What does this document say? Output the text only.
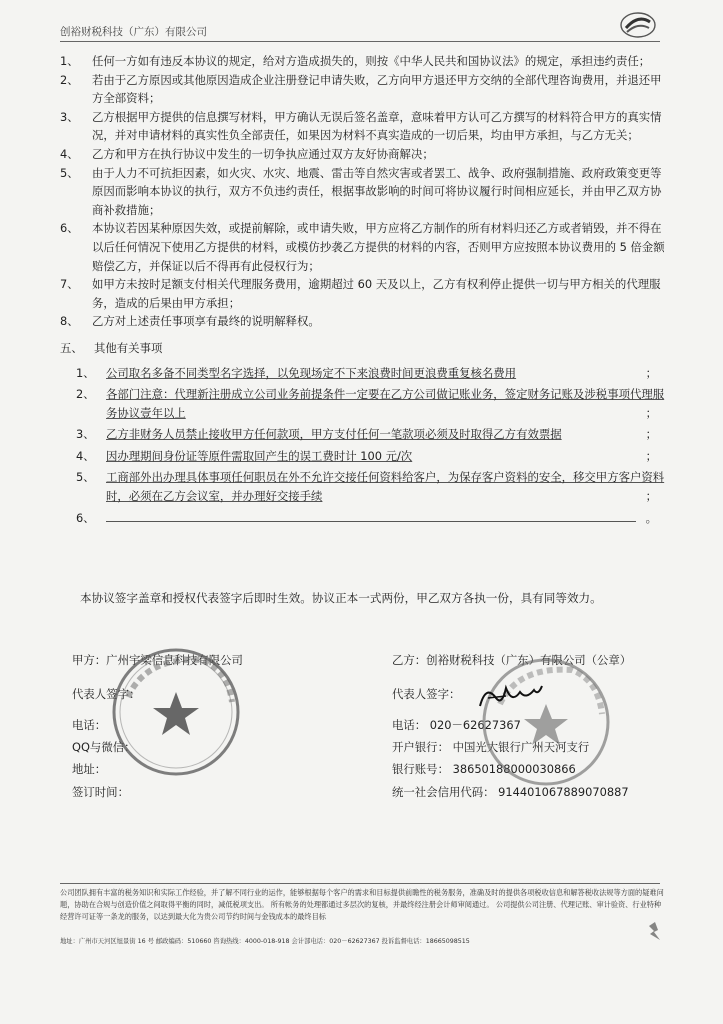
创裕财税科技（广东）有限公司
1、	任何一方如有违反本协议的规定，给对方造成损失的，则按《中华人民共和国协议法》的规定，承担违约责任；
2、	若由于乙方原因或其他原因造成企业注册登记申请失败，乙方向甲方退还甲方交纳的全部代理咨询费用，并退还甲方全部资料；
3、	乙方根据甲方提供的信息撰写材料，甲方确认无误后签名盖章，意味着甲方认可乙方撰写的材料符合甲方的真实情况，并对申请材料的真实性负全部责任，如果因为材料不真实造成的一切后果，均由甲方承担，与乙方无关；
4、	乙方和甲方在执行协议中发生的一切争执应通过双方友好协商解决；
5、	由于人力不可抗拒因素，如火灾、水灾、地震、雷击等自然灾害或者罢工、战争、政府强制措施、政府政策变更等原因而影响本协议的执行，双方不负违约责任，根据事故影响的时间可将协议履行时间相应延长，并由甲乙双方协商补救措施；
6、	本协议若因某种原因失效，或提前解除，或申请失败，甲方应将乙方制作的所有材料归还乙方或者销毁，并不得在以后任何情况下使用乙方提供的材料，或模仿抄袭乙方提供的材料的内容，否则甲方应按照本协议费用的 5 倍金额赔偿乙方，并保证以后不得再有此侵权行为；
7、	如甲方未按时足额支付相关代理服务费用，逾期超过 60 天及以上，乙方有权利停止提供一切与甲方相关的代理服务，造成的后果由甲方承担；
8、	乙方对上述责任事项享有最终的说明解释权。
五、 其他有关事项
1、 公司取名多备不同类型名字选择，以免现场定不下来浪费时间更浪费重复核名费用	；
2、 各部门注意：代理新注册成立公司业务前提条件一定要在乙方公司做记账业务，签定财务记账及涉税事项代理服务协议壹年以上	；
3、 乙方非财务人员禁止接收甲方任何款项，甲方支付任何一笔款项必须及时取得乙方有效票据	；
4、 因办理期间身份证等原件需取回产生的误工费时计 100 元/次	；
5、 工商部外出办理具体事项任何职员在外不允许交接任何资料给客户，为保存客户资料的安全，移交甲方客户资料时，必须在乙方会议室，并办理好交接手续	；
6、	。
本协议签字盖章和授权代表签字后即时生效。协议正本一式两份，甲乙双方各执一份，具有同等效力。
甲方：广州宇梁信息科技有限公司
代表人签字：
电话：
QQ与微信：
地址：
签订时间：
乙方：创裕财税科技（广东）有限公司（公章）
代表人签字：
电话： 020－62627367
开户银行： 中国光大银行广州天河支行
银行账号： 38650188000030866
统一社会信用代码： 914401067889070887
公司团队拥有丰富的税务知识和实际工作经验，并了解不同行业的运作，能够根据每个客户的需求和目标提供前瞻性的税务服务，准确及时的提供各项税收信息和解答税收法规等方面的疑难问题，协助在合规与创造价值之间取得平衡的同时，减低税项支出。 所有帐务的处理都通过多层次的复核，并最终经注册会计师审阅通过。 公司提供公司注册、代理记账、审计验资、行业特种经营许可证等一条龙的服务，以达到最大化为贵公司节约时间与金钱成本的最终目标
地址：广州市天河区旭景街 16 号 邮政编码：510660 咨询热线：4000-018-918 会计部电话：020－62627367 投诉监督电话：18665098515
